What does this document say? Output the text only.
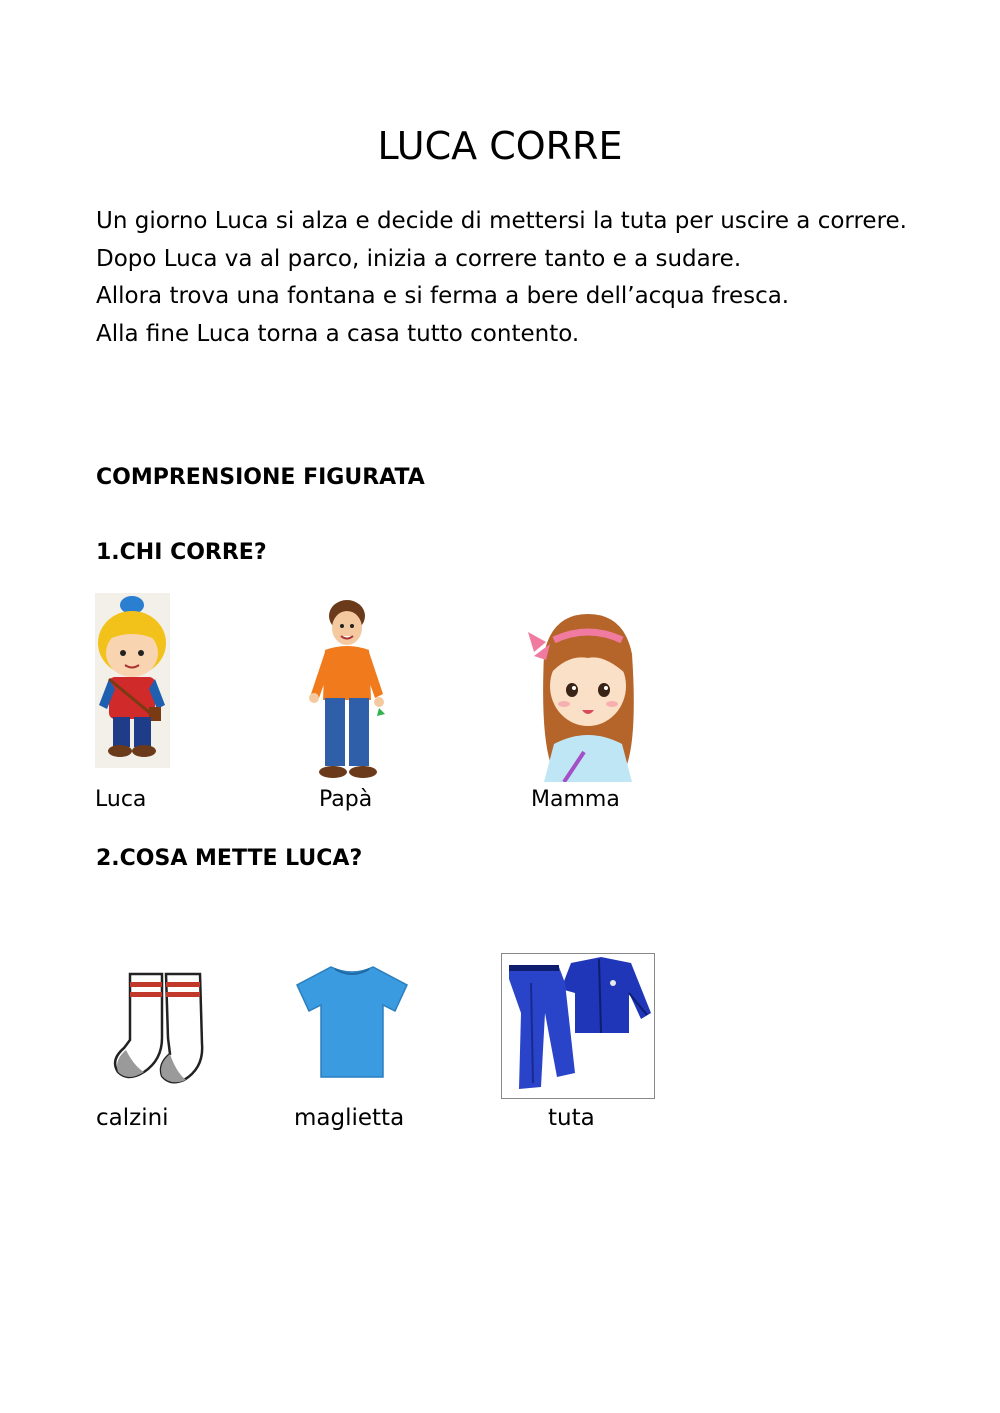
LUCA CORRE

Un giorno Luca si alza e decide di mettersi la tuta per uscire a correre.

Dopo Luca va al parco, inizia a correre tanto e a sudare.

Allora trova una fontana e si ferma a bere dell’acqua fresca.

Alla fine Luca torna a casa tutto contento.

COMPRENSIONE FIGURATA
1.CHI CORRE?
Luca	Papà	Mamma
2.COSA METTE LUCA?
calzini	maglietta	tuta
